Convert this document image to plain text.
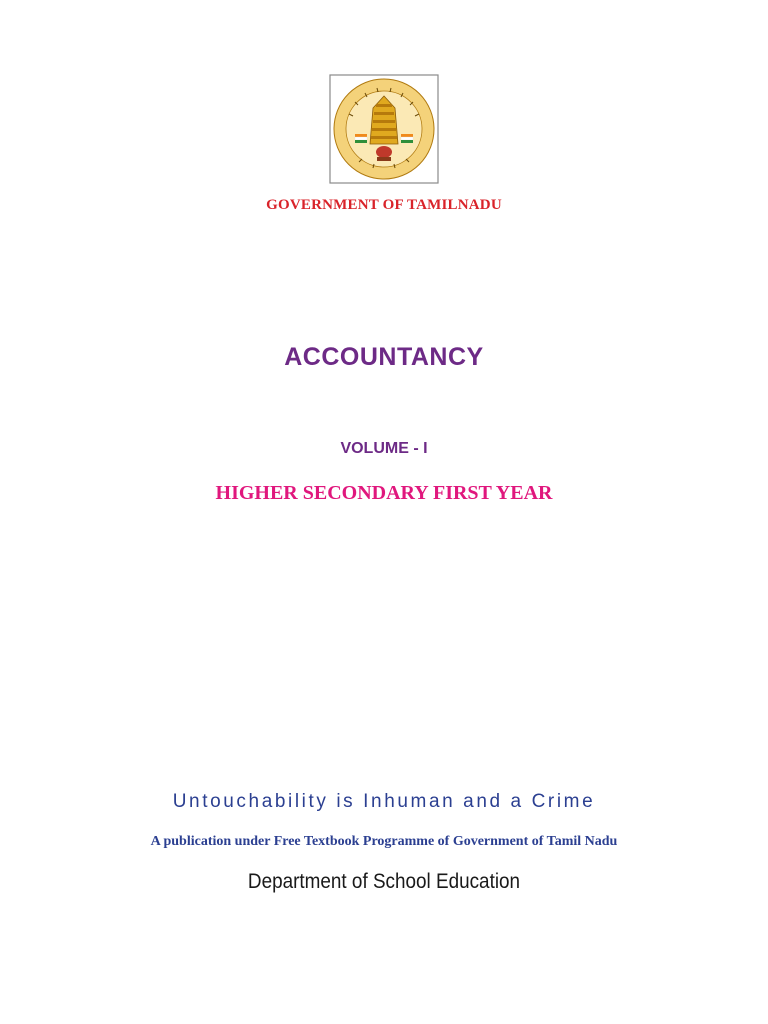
GOVERNMENT OF TAMILNADU
ACCOUNTANCY
VOLUME - I
HIGHER SECONDARY FIRST YEAR
Untouchability is Inhuman and a Crime
A publication under Free Textbook Programme of Government of Tamil Nadu
Department of School Education
